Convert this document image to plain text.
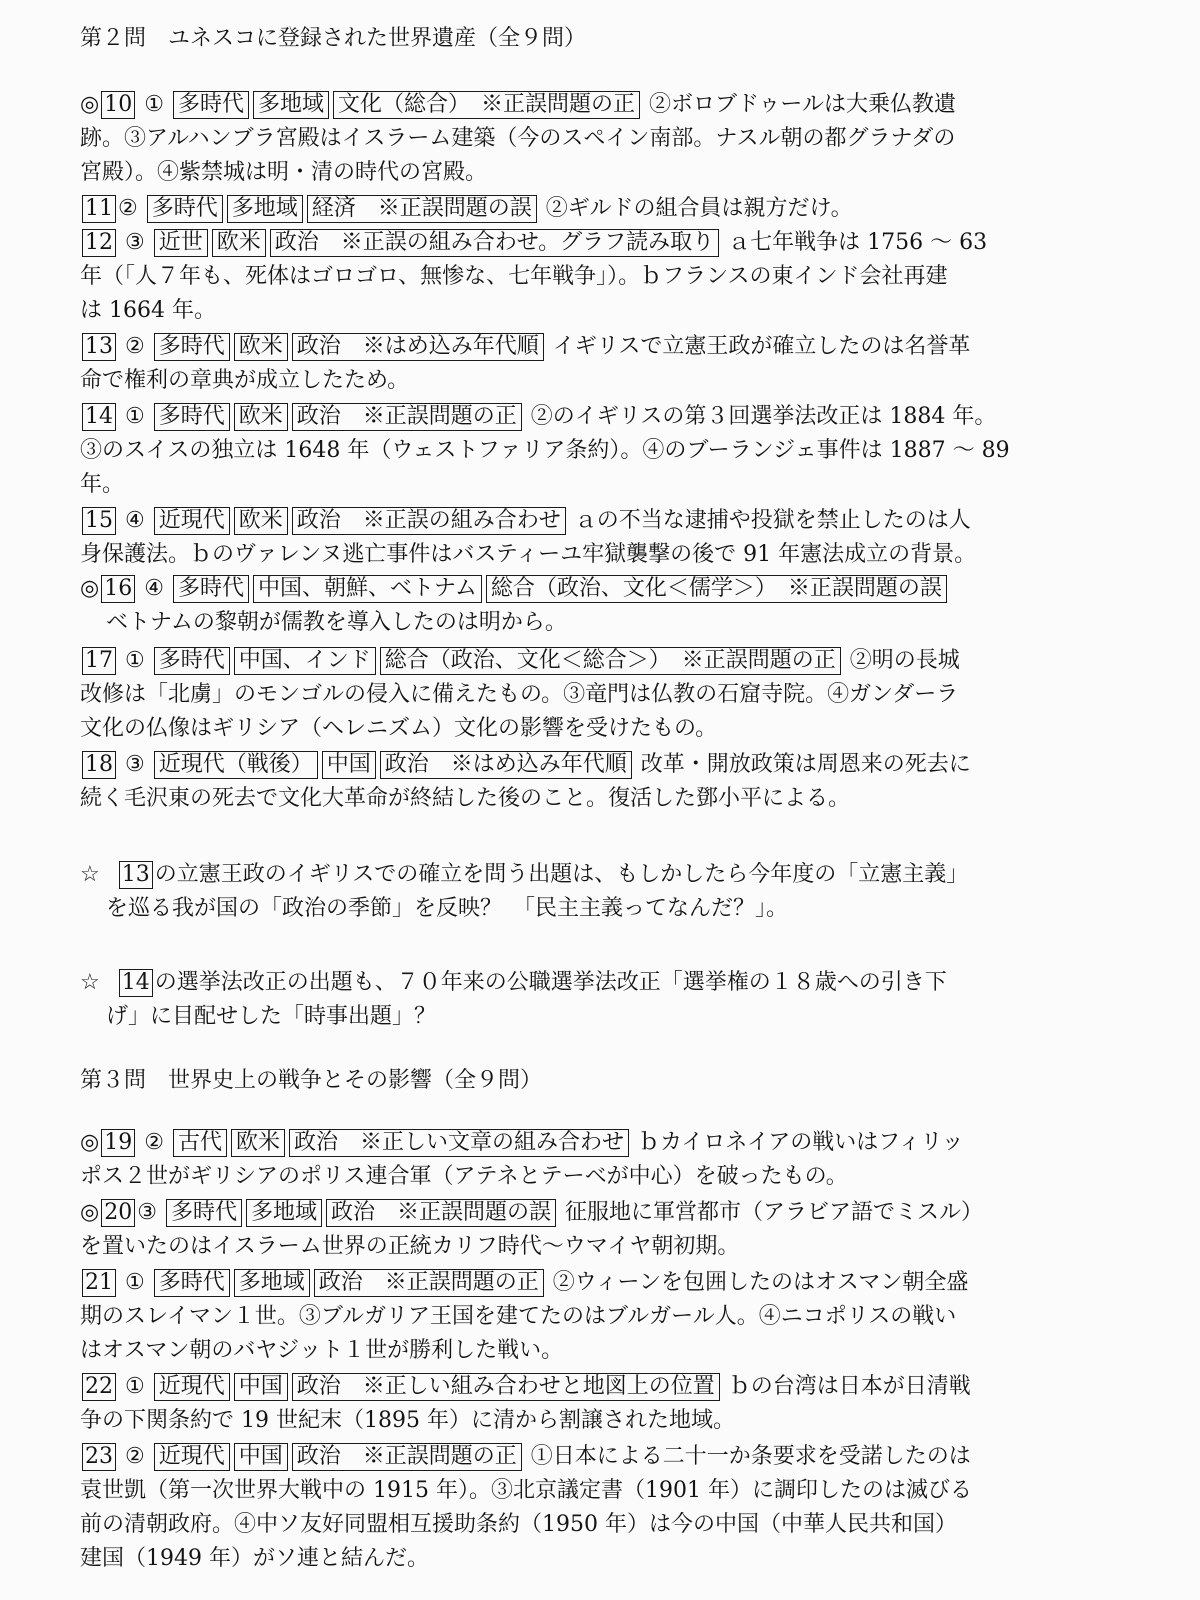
第２問　ユネスコに登録された世界遺産（全９問）
◎ 10 ① 多時代 多地域 文化（総合）　※正誤問題の正 ②ボロブドゥールは大乗仏教遺
跡。③アルハンブラ宮殿はイスラーム建築（今のスペイン南部。ナスル朝の都グラナダの
宮殿）。④紫禁城は明・清の時代の宮殿。
11 ② 多時代 多地域 経済　※正誤問題の誤 ②ギルドの組合員は親方だけ。
12 ③ 近世 欧米 政治　※正誤の組み合わせ。グラフ読み取り ａ七年戦争は 1756 ～ 63
年（「人７年も、死体はゴロゴロ、無惨な、七年戦争」）。ｂフランスの東インド会社再建
は 1664 年。
13 ② 多時代 欧米 政治　※はめ込み年代順 イギリスで立憲王政が確立したのは名誉革
命で権利の章典が成立したため。
14 ① 多時代 欧米 政治　※正誤問題の正 ②のイギリスの第３回選挙法改正は 1884 年。
③のスイスの独立は 1648 年（ウェストファリア条約）。④のブーランジェ事件は 1887 ～ 89
年。
15 ④ 近現代 欧米 政治　※正誤の組み合わせ ａの不当な逮捕や投獄を禁止したのは人
身保護法。ｂのヴァレンヌ逃亡事件はバスティーユ牢獄襲撃の後で 91 年憲法成立の背景。
◎ 16 ④ 多時代 中国、朝鮮、ベトナム 総合（政治、文化＜儒学＞）　※正誤問題の誤
ベトナムの黎朝が儒教を導入したのは明から。
17 ① 多時代 中国、インド 総合（政治、文化＜総合＞）　※正誤問題の正 ②明の長城
改修は「北虜」のモンゴルの侵入に備えたもの。③竜門は仏教の石窟寺院。④ガンダーラ
文化の仏像はギリシア（ヘレニズム）文化の影響を受けたもの。
18 ③ 近現代（戦後） 中国 政治　※はめ込み年代順 改革・開放政策は周恩来の死去に
続く毛沢東の死去で文化大革命が終結した後のこと。復活した鄧小平による。
☆ 13 の立憲王政のイギリスでの確立を問う出題は、もしかしたら今年度の「立憲主義」
を巡る我が国の「政治の季節」を反映？　「民主主義ってなんだ？」。
☆ 14 の選挙法改正の出題も、７０年来の公職選挙法改正「選挙権の１８歳への引き下
げ」に目配せした「時事出題」？
第３問　世界史上の戦争とその影響（全９問）
◎ 19 ② 古代 欧米 政治　※正しい文章の組み合わせ ｂカイロネイアの戦いはフィリッ
ポス２世がギリシアのポリス連合軍（アテネとテーベが中心）を破ったもの。
◎ 20 ③ 多時代 多地域 政治　※正誤問題の誤 征服地に軍営都市（アラビア語でミスル）
を置いたのはイスラーム世界の正統カリフ時代～ウマイヤ朝初期。
21 ① 多時代 多地域 政治　※正誤問題の正 ②ウィーンを包囲したのはオスマン朝全盛
期のスレイマン１世。③ブルガリア王国を建てたのはブルガール人。④ニコポリスの戦い
はオスマン朝のバヤジット１世が勝利した戦い。
22 ① 近現代 中国 政治　※正しい組み合わせと地図上の位置 ｂの台湾は日本が日清戦
争の下関条約で 19 世紀末（1895 年）に清から割譲された地域。
23 ② 近現代 中国 政治　※正誤問題の正 ①日本による二十一か条要求を受諾したのは
袁世凱（第一次世界大戦中の 1915 年）。③北京議定書（1901 年）に調印したのは滅びる
前の清朝政府。④中ソ友好同盟相互援助条約（1950 年）は今の中国（中華人民共和国）
建国（1949 年）がソ連と結んだ。
